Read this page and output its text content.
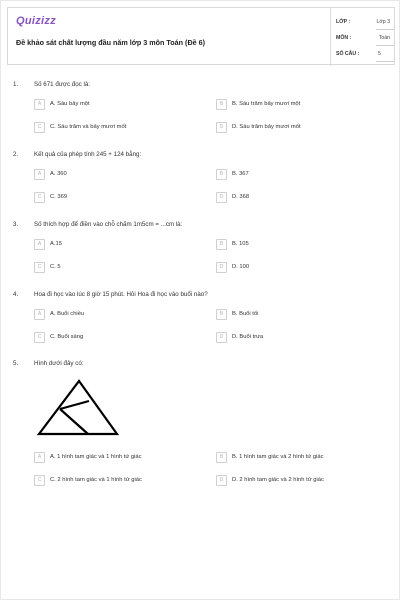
Quizizz
Đề khảo sát chất lượng đầu năm lớp 3 môn Toán (Đề 6)
LỚP :	Lớp 3
MÔN :	Toán
SỐ CÂU :	5
1.	Số 671 được đọc là:
A	A. Sáu bảy một	B	B. Sáu trăm bảy mươi một
C	C. Sáu trăm và bảy mươi mốt	D	D. Sáu trăm bảy mươi mốt
2.	Kết quả của phép tính 245 + 124 bằng:
A	A. 360	B	B. 367
C	C. 369	D	D. 368
3.	Số thích hợp để điền vào chỗ chấm 1m5cm = ...cm là:
A	A.15	B	B. 105
C	C. 5	D	D. 100
4.	Hoa đi học vào lúc 8 giờ 15 phút. Hỏi Hoa đi học vào buổi nào?
A	A. Buổi chiều	B	B. Buổi tối
C	C. Buổi sáng	D	D. Buổi trưa
5.	Hình dưới đây có:
A	A. 1 hình tam giác và 1 hình tứ giác	B	B. 1 hình tam giác và 2 hình tứ giác
C	C. 2 hình tam giác và 1 hình tứ giác	D	D. 2 hình tam giác và 2 hình tứ giác
